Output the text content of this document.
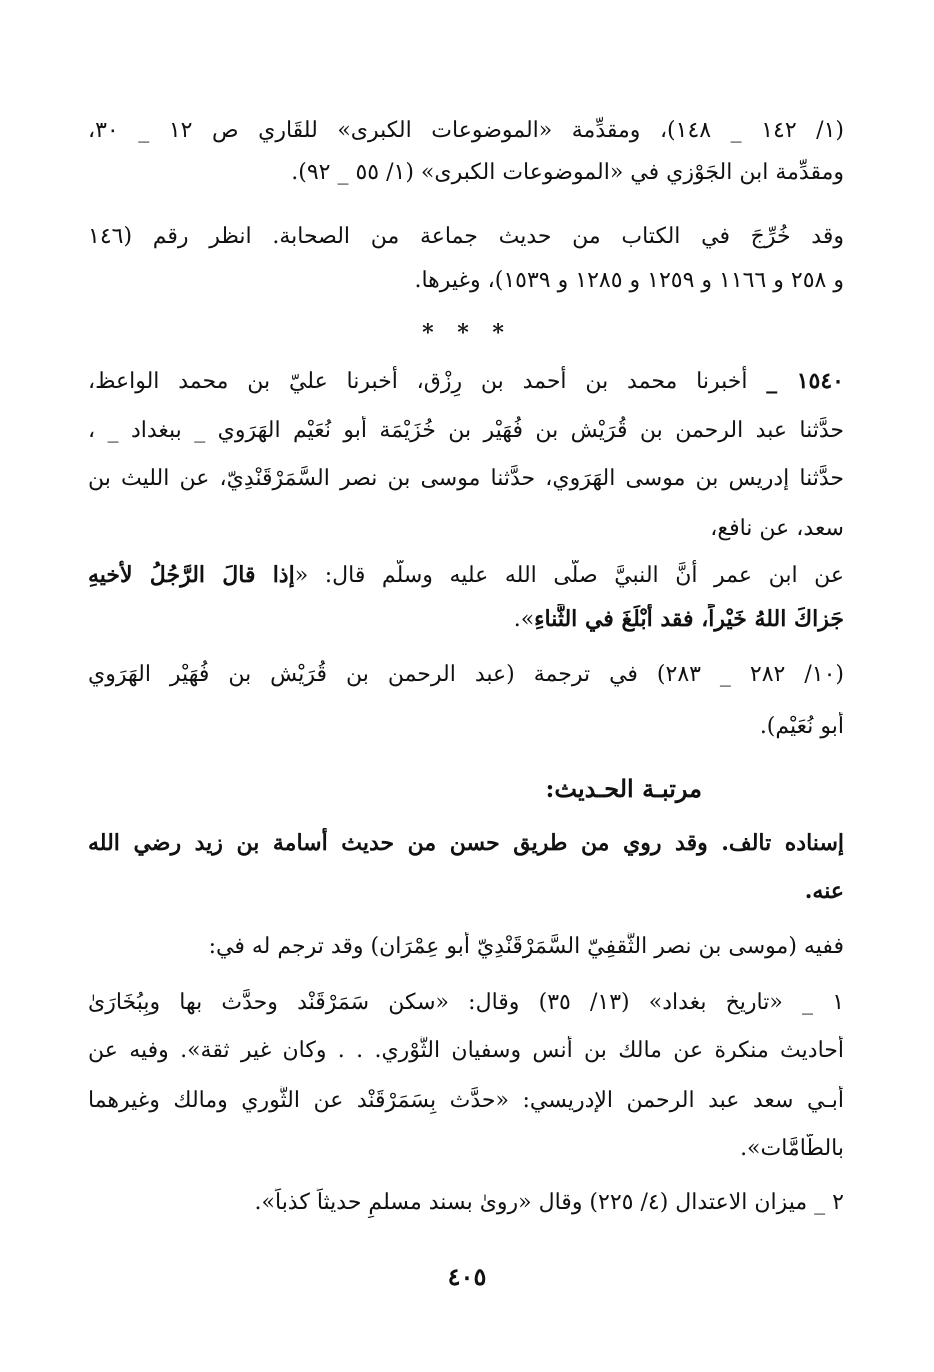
(١/ ١٤٢ _ ١٤٨)، ومقدِّمة «الموضوعات الكبرى» للقَاري ص ١٢ _ ٣٠،
ومقدِّمة ابن الجَوْزي في «الموضوعات الكبرى» (١/ ٥٥ _ ٩٢).
وقد خُرِّجَ في الكتاب من حديث جماعة من الصحابة. انظر رقم (١٤٦
و ٢٥٨ و ١١٦٦ و ١٢٥٩ و ١٢٨٥ و ١٥٣٩)، وغيرها.
* * *
١٥٤٠ _ أخبرنا محمد بن أحمد بن رِزْق، أخبرنا عليّ بن محمد الواعظ،
حدَّثنا عبد الرحمن بن قُرَيْش بن فُهَيْر بن خُزَيْمَة أبو نُعَيْم الهَرَوي _ ببغداد _ ،
حدَّثنا إدريس بن موسى الهَرَوي، حدَّثنا موسى بن نصر السَّمَرْقَنْدِيّ، عن الليث بن
سعد، عن نافع،
عن ابن عمر أنَّ النبيَّ صلَّى الله عليه وسلَّم قال: «إذا قالَ الرَّجُلُ لأخيهِ
جَزاكَ اللهُ خَيْراً، فقد أَبْلَغَ في الثَّناءِ».
(١٠/ ٢٨٢ _ ٢٨٣) في ترجمة (عبد الرحمن بن قُرَيْش بن فُهَيْر الهَرَوي
أبو نُعَيْم).
مرتبـة الحـديث:
إسناده تالف. وقد روي من طريق حسن من حديث أسامة بن زيد رضي الله
عنه.
ففيه (موسى بن نصر الثَّقفِيّ السَّمَرْقَنْدِيّ أبو عِمْرَان) وقد ترجم له في:
١ _ «تاريخ بغداد» (١٣/ ٣٥) وقال: «سكن سَمَرْقَنْد وحدَّث بها وبِبُخَارَىٰ
أحاديث منكرة عن مالك بن أنس وسفيان الثَّوْري. . . وكان غير ثقة». وفيه عن
أبـي سعد عبد الرحمن الإدريسي: «حدَّث بِسَمَرْقَنْد عن الثَّوري ومالك وغيرهما
بالطَّامَّات».
٢ _ ميزان الاعتدال (٤/ ٢٢٥) وقال «روىٰ بسند مسلمٍ حديثاً كذباً».
٤٠٥
